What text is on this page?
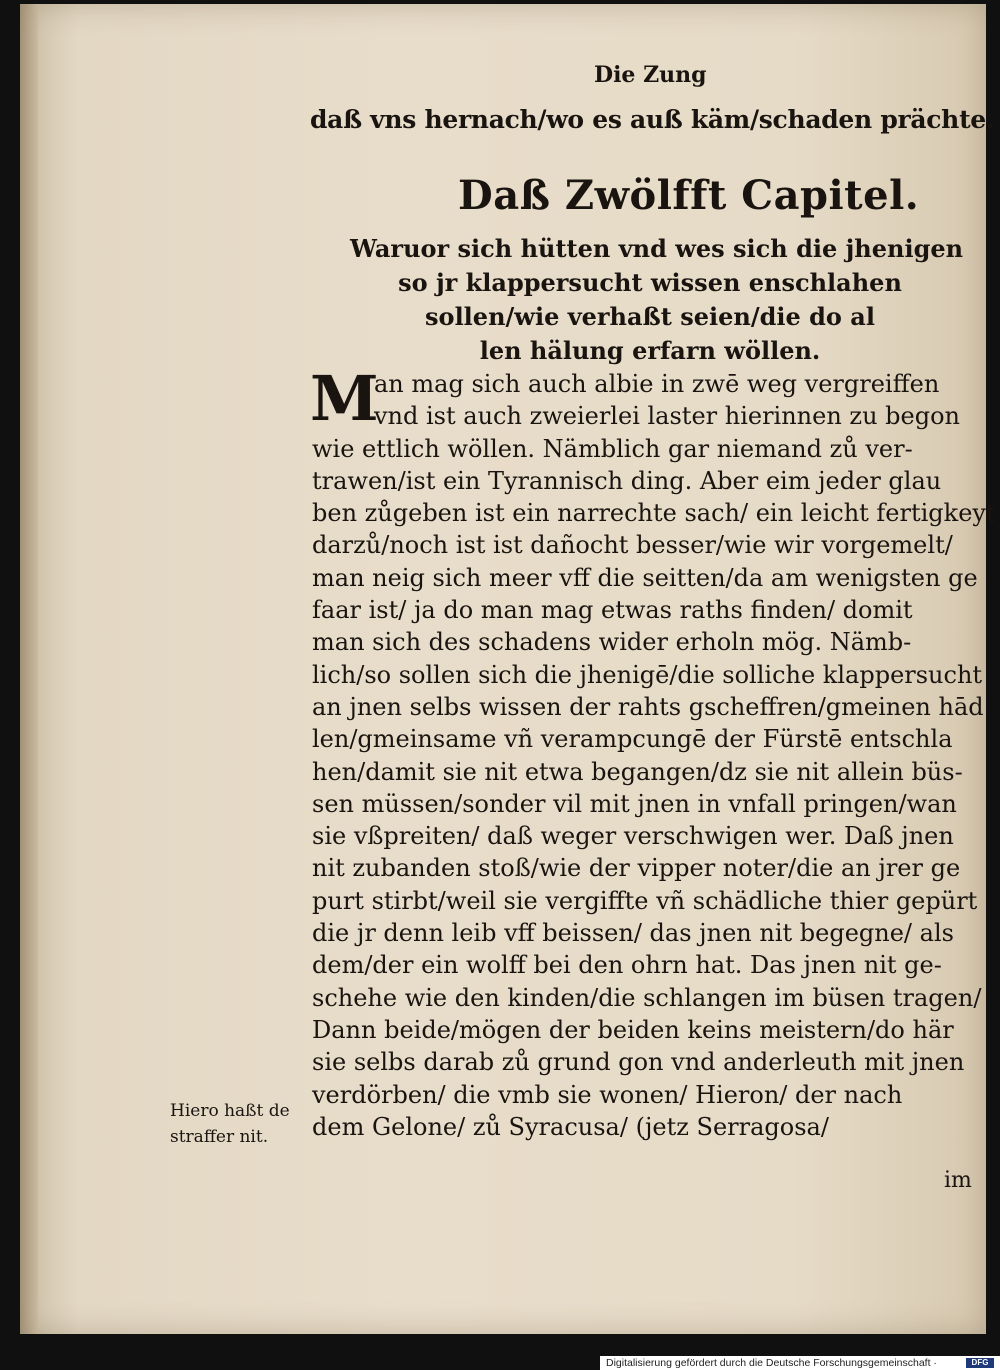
Die Zung
daß vns hernach/wo es auß käm/schaden prächte.
Daß Zwölfft Capitel.
Waruor sich hütten vnd wes sich die jhenigen
so jr klappersucht wissen enschlahen
sollen/wie verhaßt seien/die do al
len hälung erfarn wöllen.
M
an mag sich auch albie in zwē weg vergreiffen
vnd ist auch zweierlei laster hierinnen zu begon
wie ettlich wöllen. Nämblich gar niemand zů ver-
trawen/ist ein Tyrannisch ding. Aber eim jeder glau
ben zůgeben ist ein narrechte sach/ ein leicht fertigkeyt
darzů/noch ist ist dañocht besser/wie wir vorgemelt/
man neig sich meer vff die seitten/da am wenigsten ge
faar ist/ ja do man mag etwas raths finden/ domit
man sich des schadens wider erholn mög. Nämb-
lich/so sollen sich die jhenigē/die solliche klappersucht
an jnen selbs wissen der rahts gscheffren/gmeinen hād
len/gmeinsame vñ verampcungē der Fürstē entschla
hen/damit sie nit etwa begangen/dz sie nit allein büs-
sen müssen/sonder vil mit jnen in vnfall pringen/wan
sie vßpreiten/ daß weger verschwigen wer. Daß jnen
nit zubanden stoß/wie der vipper noter/die an jrer ge
purt stirbt/weil sie vergiffte vñ schädliche thier gepürt
die jr denn leib vff beissen/ das jnen nit begegne/ als
dem/der ein wolff bei den ohrn hat. Das jnen nit ge-
schehe wie den kinden/die schlangen im büsen tragen/
Dann beide/mögen der beiden keins meistern/do här
sie selbs darab zů grund gon vnd anderleuth mit jnen
verdörben/ die vmb sie wonen/ Hieron/ der nach
dem Gelone/ zů Syracusa/ (jetz Serragosa/
Hiero haßt de
straffer nit.
im
Digitalisierung gefördert durch die Deutsche Forschungsgemeinschaft ·	DFG
